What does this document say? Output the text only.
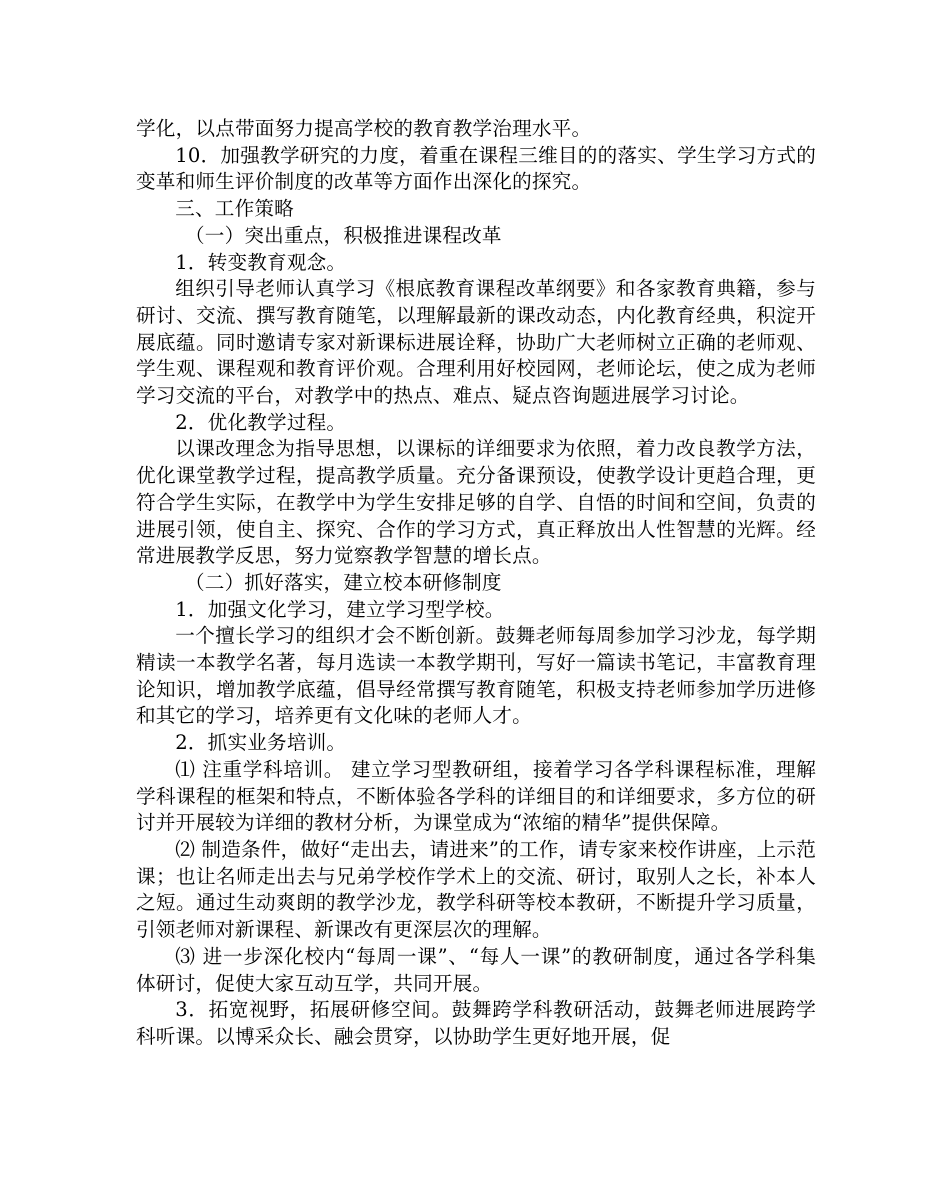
学化，以点带面努力提高学校的教育教学治理水平。

10．加强教学研究的力度，着重在课程三维目的的落实、学生学习方式的变革和师生评价制度的改革等方面作出深化的探究。

三、工作策略

（一）突出重点，积极推进课程改革

1．转变教育观念。

组织引导老师认真学习《根底教育课程改革纲要》和各家教育典籍，参与研讨、交流、撰写教育随笔，以理解最新的课改动态，内化教育经典，积淀开展底蕴。同时邀请专家对新课标进展诠释，协助广大老师树立正确的老师观、学生观、课程观和教育评价观。合理利用好校园网，老师论坛，使之成为老师学习交流的平台，对教学中的热点、难点、疑点咨询题进展学习讨论。

2．优化教学过程。

以课改理念为指导思想，以课标的详细要求为依照，着力改良教学方法，优化课堂教学过程，提高教学质量。充分备课预设，使教学设计更趋合理，更符合学生实际，在教学中为学生安排足够的自学、自悟的时间和空间，负责的进展引领，使自主、探究、合作的学习方式，真正释放出人性智慧的光辉。经常进展教学反思，努力觉察教学智慧的增长点。

（二）抓好落实，建立校本研修制度

1．加强文化学习，建立学习型学校。

一个擅长学习的组织才会不断创新。鼓舞老师每周参加学习沙龙，每学期精读一本教学名著，每月选读一本教学期刊，写好一篇读书笔记，丰富教育理论知识，增加教学底蕴，倡导经常撰写教育随笔，积极支持老师参加学历进修和其它的学习，培养更有文化味的老师人才。

2．抓实业务培训。

⑴ 注重学科培训。 建立学习型教研组，接着学习各学科课程标准，理解学科课程的框架和特点，不断体验各学科的详细目的和详细要求，多方位的研讨并开展较为详细的教材分析，为课堂成为“浓缩的精华”提供保障。

⑵ 制造条件，做好“走出去，请进来”的工作，请专家来校作讲座，上示范课；也让名师走出去与兄弟学校作学术上的交流、研讨，取别人之长，补本人之短。通过生动爽朗的教学沙龙，教学科研等校本教研，不断提升学习质量，引领老师对新课程、新课改有更深层次的理解。

⑶ 进一步深化校内“每周一课”、“每人一课”的教研制度，通过各学科集体研讨，促使大家互动互学，共同开展。

3．拓宽视野，拓展研修空间。鼓舞跨学科教研活动，鼓舞老师进展跨学科听课。以博采众长、融会贯穿，以协助学生更好地开展，促
